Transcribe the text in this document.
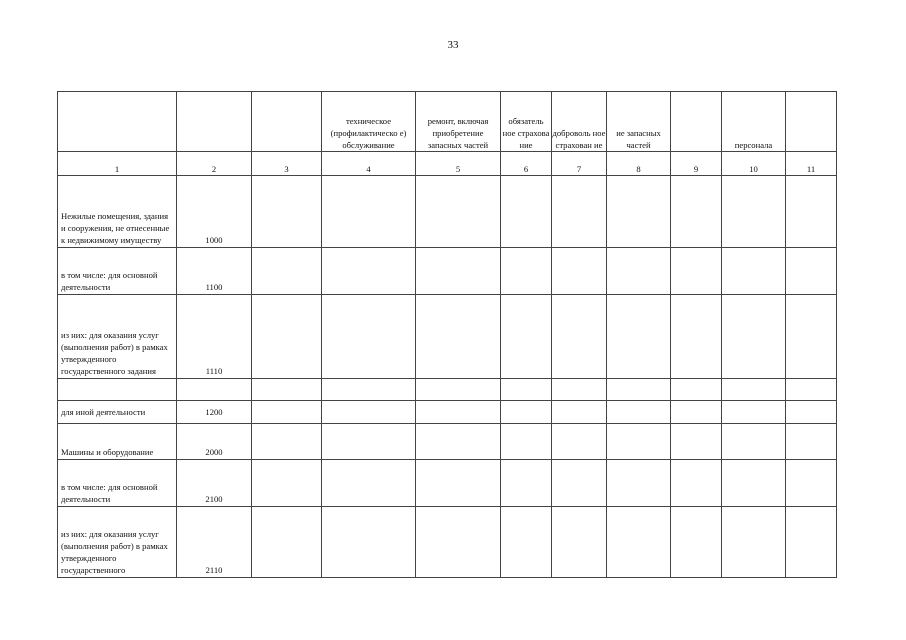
33
			техническое (профилактическо е) обслуживание	ремонт, включая приобретение запасных частей	обязатель ное страхова ние	доброволь ное страхован ие	ие запасных частей		персонала	
1	2	3	4	5	6	7	8	9	10	11
Нежилые помещения, здания и сооружения, не отнесенные к недвижимому имуществу	1000									
в том числе: для основной деятельности	1100									
из них: для оказания услуг (выполнения работ) в рамках утвержденного государственного задания	1110									

для иной деятельности	1200									
Машины и оборудование	2000									
в том числе: для основной деятельности	2100									
из них: для оказания услуг (выполнения работ) в рамках утвержденного государственного	2110									
